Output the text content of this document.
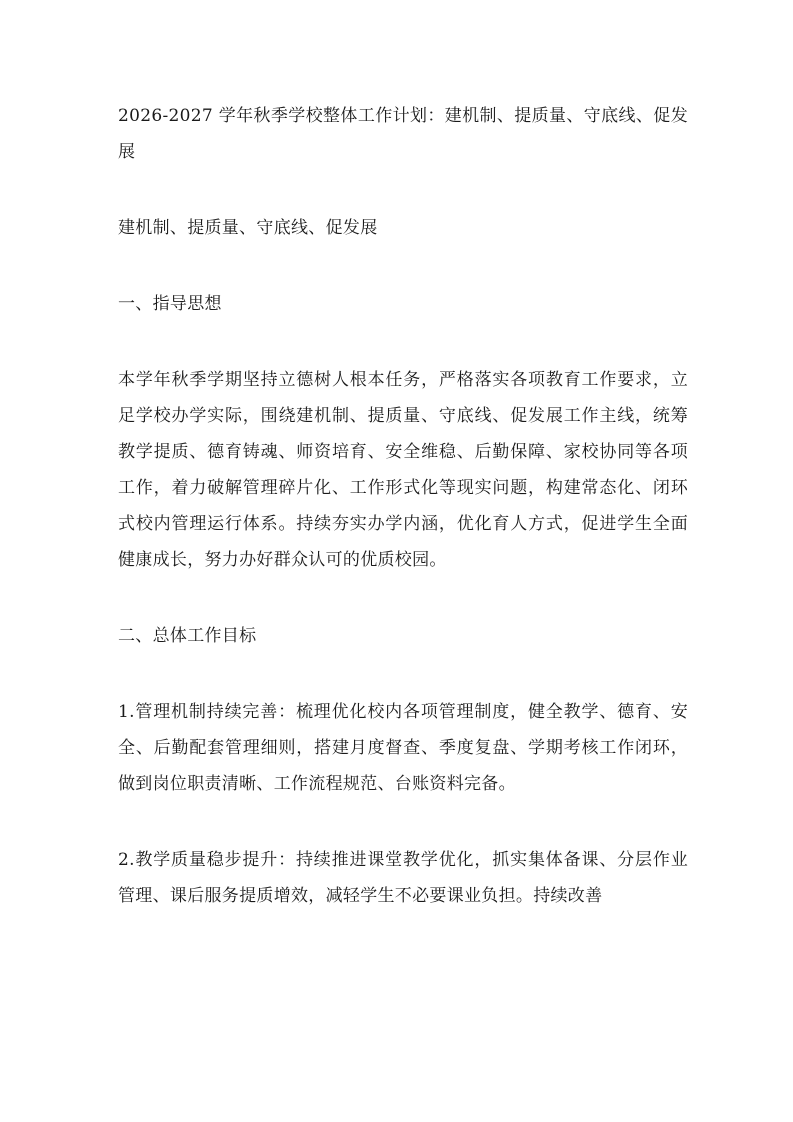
2026-2027 学年秋季学校整体工作计划：建机制、提质量、守底线、促发展

建机制、提质量、守底线、促发展

一、指导思想

本学年秋季学期坚持立德树人根本任务，严格落实各项教育工作要求，立足学校办学实际，围绕建机制、提质量、守底线、促发展工作主线，统筹教学提质、德育铸魂、师资培育、安全维稳、后勤保障、家校协同等各项工作，着力破解管理碎片化、工作形式化等现实问题，构建常态化、闭环式校内管理运行体系。持续夯实办学内涵，优化育人方式，促进学生全面健康成长，努力办好群众认可的优质校园。

二、总体工作目标

1.管理机制持续完善：梳理优化校内各项管理制度，健全教学、德育、安全、后勤配套管理细则，搭建月度督查、季度复盘、学期考核工作闭环，做到岗位职责清晰、工作流程规范、台账资料完备。

2.教学质量稳步提升：持续推进课堂教学优化，抓实集体备课、分层作业管理、课后服务提质增效，减轻学生不必要课业负担。持续改善
